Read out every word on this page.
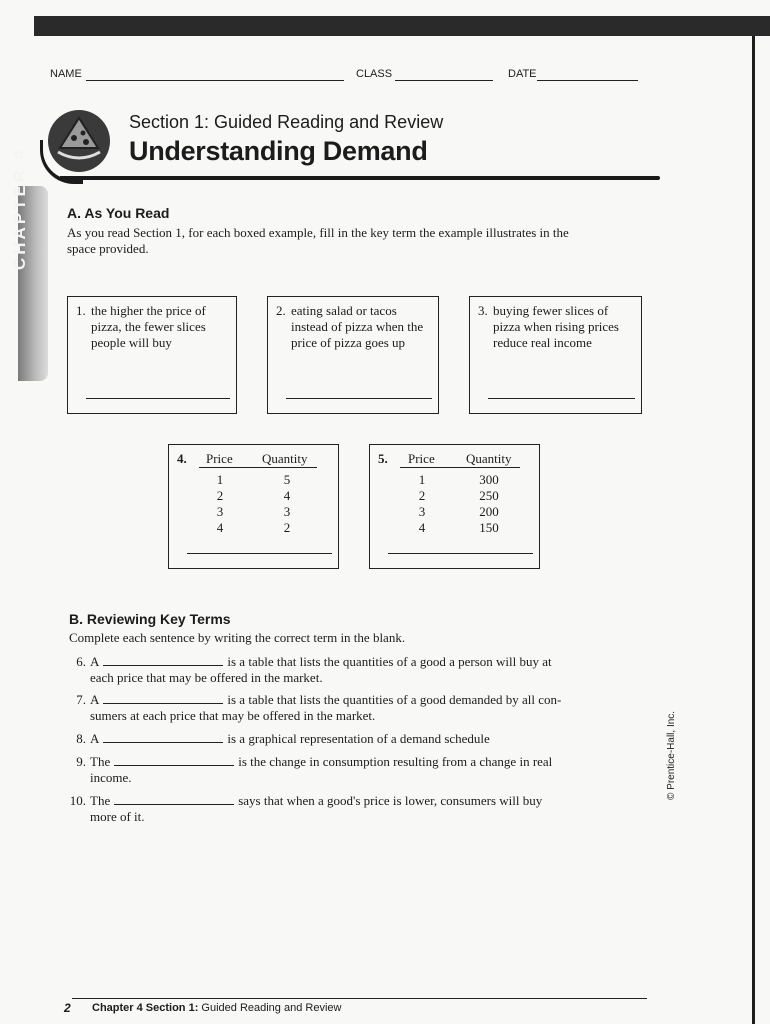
NAME	CLASS	DATE
Section 1: Guided Reading and Review
Understanding Demand
CHAPTER 4	A. As You Read
As you read Section 1, for each boxed example, fill in the key term the example illustrates in the
space provided.
1. the higher the price of
pizza, the fewer slices
people will buy
2. eating salad or tacos
instead of pizza when the
price of pizza goes up
3. buying fewer slices of
pizza when rising prices
reduce real income
4. Price Quantity
1	5
2	4
3	3
4	2
5. Price Quantity
1	300
2	250
3	200
4	150
B. Reviewing Key Terms
Complete each sentence by writing the correct term in the blank.
6. A	is a table that lists the quantities of a good a person will buy at
each price that may be offered in the market.
7. A	is a table that lists the quantities of a good demanded by all con-
sumers at each price that may be offered in the market.
8. A	is a graphical representation of a demand schedule
9. The	is the change in consumption resulting from a change in real
income.
10. The	says that when a good's price is lower, consumers will buy
more of it.
© Prentice-Hall, Inc.
2 Chapter 4 Section 1: Guided Reading and Review
